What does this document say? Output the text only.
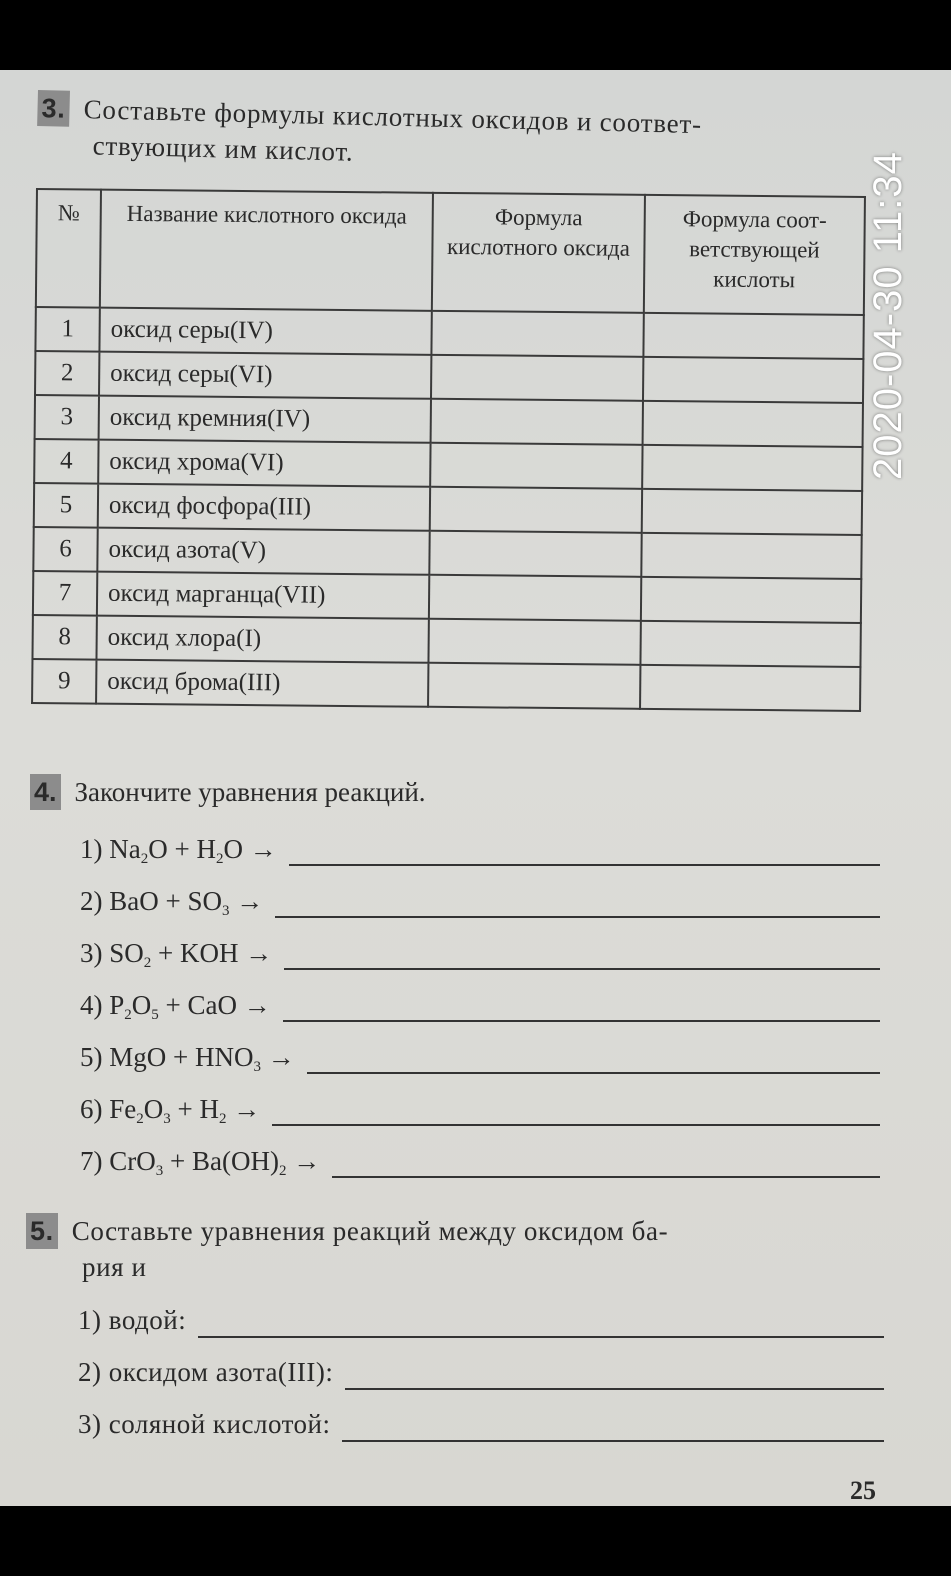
3. Составьте формулы кислотных оксидов и соответ-
ствующих им кислот.
№	Название кислотного оксида	Формула кислотного оксида	Формула соот-ветствующей кислоты
1	оксид серы(IV)		
2	оксид серы(VI)		
3	оксид кремния(IV)		
4	оксид хрома(VI)		
5	оксид фосфора(III)		
6	оксид азота(V)		
7	оксид марганца(VII)		
8	оксид хлора(I)		
9	оксид брома(III)		
4. Закончите уравнения реакций.
1) $Na_2O + H_2O$ →
2) BaO + $SO_3$ →
3) $SO_2$ + KOH →
4) $P_2O_5$ + CaO →
5) MgO + $HNO_3$ →
6) $Fe_2O_3 + H_2$ →
7) $CrO_3 + Ba(OH)_2$ →
5. Составьте уравнения реакций между оксидом ба-
рия и
1) водой:
2) оксидом азота(III):
3) соляной кислотой:
25
2020-04-30 11:34
